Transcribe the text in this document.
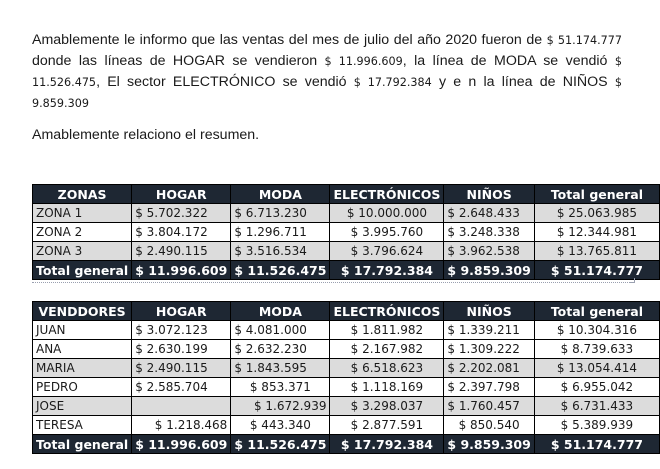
Amablemente le informo que las ventas del mes de julio del año 2020 fueron de $ 51.174.777 donde las líneas de HOGAR se vendieron $ 11.996.609, la línea de MODA se vendió $ 11.526.475, El sector ELECTRÓNICO se vendió $ 17.792.384 y e n la línea de NIÑOS $ 9.859.309
Amablemente relaciono el resumen.
ZONAS	HOGAR	MODA	ELECTRÓNICOS	NIÑOS	Total general
ZONA 1	$ 5.702.322	$ 6.713.230	$ 10.000.000	$ 2.648.433	$ 25.063.985
ZONA 2	$ 3.804.172	$ 1.296.711	$ 3.995.760	$ 3.248.338	$ 12.344.981
ZONA 3	$ 2.490.115	$ 3.516.534	$ 3.796.624	$ 3.962.538	$ 13.765.811
Total general	$ 11.996.609	$ 11.526.475	$ 17.792.384	$ 9.859.309	$ 51.174.777
VENDDORES	HOGAR	MODA	ELECTRÓNICOS	NIÑOS	Total general
JUAN	$ 3.072.123	$ 4.081.000	$ 1.811.982	$ 1.339.211	$ 10.304.316
ANA	$ 2.630.199	$ 2.632.230	$ 2.167.982	$ 1.309.222	$ 8.739.633
MARIA	$ 2.490.115	$ 1.843.595	$ 6.518.623	$ 2.202.081	$ 13.054.414
PEDRO	$ 2.585.704	$ 853.371	$ 1.118.169	$ 2.397.798	$ 6.955.042
JOSE		$ 1.672.939	$ 3.298.037	$ 1.760.457	$ 6.731.433
TERESA	$ 1.218.468	$ 443.340	$ 2.877.591	$ 850.540	$ 5.389.939
Total general	$ 11.996.609	$ 11.526.475	$ 17.792.384	$ 9.859.309	$ 51.174.777
